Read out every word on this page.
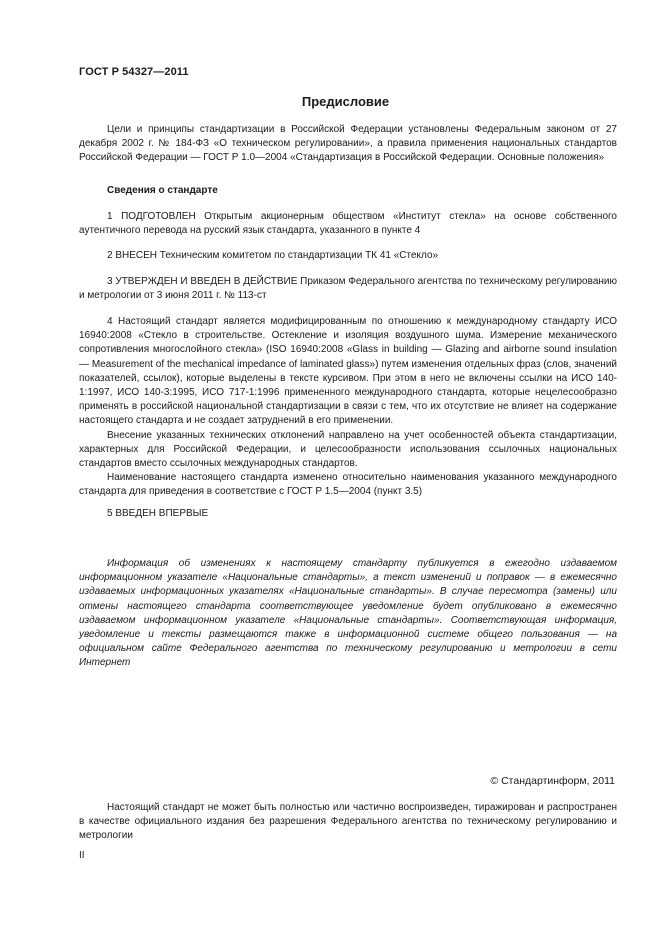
ГОСТ Р 54327—2011
Предисловие

Цели и принципы стандартизации в Российской Федерации установлены Федеральным законом от 27 декабря 2002 г. № 184-ФЗ «О техническом регулировании», а правила применения национальных стандартов Российской Федерации — ГОСТ Р 1.0—2004 «Стандартизация в Российской Федерации. Основные положения»

Сведения о стандарте

1 ПОДГОТОВЛЕН Открытым акционерным обществом «Институт стекла» на основе собственного аутентичного перевода на русский язык стандарта, указанного в пункте 4

2 ВНЕСЕН Техническим комитетом по стандартизации ТК 41 «Стекло»

3 УТВЕРЖДЕН И ВВЕДЕН В ДЕЙСТВИЕ Приказом Федерального агентства по техническому регулированию и метрологии от 3 июня 2011 г. № 113-ст

4 Настоящий стандарт является модифицированным по отношению к международному стандарту ИСО 16940:2008 «Стекло в строительстве. Остекление и изоляция воздушного шума. Измерение механического сопротивления многослойного стекла» (ISO 16940:2008 «Glass in building — Glazing and airborne sound insulation — Measurement of the mechanical impedance of laminated glass») путем изменения отдельных фраз (слов, значений показателей, ссылок), которые выделены в тексте курсивом. При этом в него не включены ссылки на ИСО 140-1:1997, ИСО 140-3:1995, ИСО 717-1:1996 примененного международного стандарта, которые нецелесообразно применять в российской национальной стандартизации в связи с тем, что их отсутствие не влияет на содержание настоящего стандарта и не создает затруднений в его применении.

Внесение указанных технических отклонений направлено на учет особенностей объекта стандартизации, характерных для Российской Федерации, и целесообразности использования ссылочных национальных стандартов вместо ссылочных международных стандартов.

Наименование настоящего стандарта изменено относительно наименования указанного международного стандарта для приведения в соответствие с ГОСТ Р 1.5—2004 (пункт 3.5)

5 ВВЕДЕН ВПЕРВЫЕ

Информация об изменениях к настоящему стандарту публикуется в ежегодно издаваемом информационном указателе «Национальные стандарты», а текст изменений и поправок — в ежемесячно издаваемых информационных указателях «Национальные стандарты». В случае пересмотра (замены) или отмены настоящего стандарта соответствующее уведомление будет опубликовано в ежемесячно издаваемом информационном указателе «Национальные стандарты». Соответствующая информация, уведомление и тексты размещаются также в информационной системе общего пользования — на официальном сайте Федерального агентства по техническому регулированию и метрологии в сети Интернет

© Стандартинформ, 2011

Настоящий стандарт не может быть полностью или частично воспроизведен, тиражирован и распространен в качестве официального издания без разрешения Федерального агентства по техническому регулированию и метрологии

II
